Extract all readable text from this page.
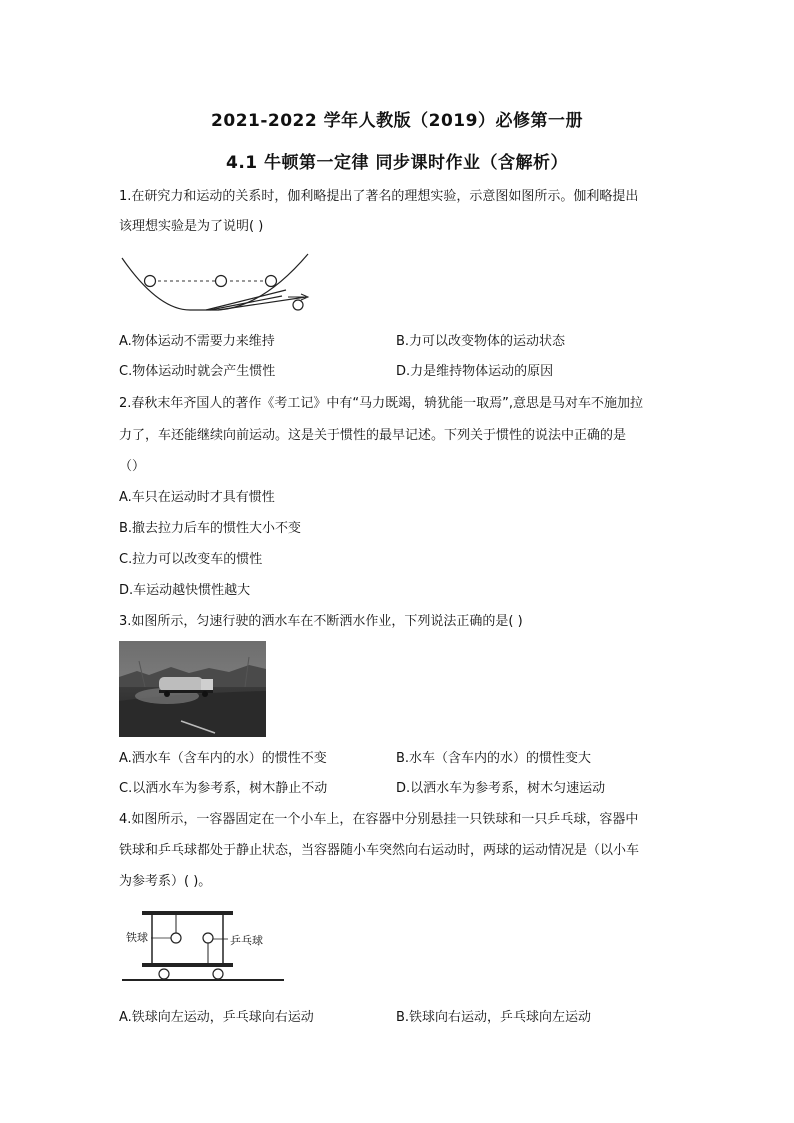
2021-2022 学年人教版（2019）必修第一册
4.1 牛顿第一定律 同步课时作业（含解析）
1.在研究力和运动的关系时，伽利略提出了著名的理想实验，示意图如图所示。伽利略提出
该理想实验是为了说明( )
A.物体运动不需要力来维持	B.力可以改变物体的运动状态
C.物体运动时就会产生惯性	D.力是维持物体运动的原因
2.春秋末年齐国人的著作《考工记》中有“马力既竭，辀犹能一取焉”,意思是马对车不施加拉
力了，车还能继续向前运动。这是关于惯性的最早记述。下列关于惯性的说法中正确的是
（）
A.车只在运动时才具有惯性
B.撤去拉力后车的惯性大小不变
C.拉力可以改变车的惯性
D.车运动越快惯性越大
3.如图所示，匀速行驶的洒水车在不断洒水作业，下列说法正确的是( )
A.洒水车（含车内的水）的惯性不变	B.水车（含车内的水）的惯性变大
C.以洒水车为参考系，树木静止不动	D.以洒水车为参考系，树木匀速运动
4.如图所示，一容器固定在一个小车上，在容器中分别悬挂一只铁球和一只乒乓球，容器中
铁球和乒乓球都处于静止状态，当容器随小车突然向右运动时，两球的运动情况是（以小车
为参考系）( )。
铁球	乒乓球
A.铁球向左运动，乒乓球向右运动	B.铁球向右运动，乒乓球向左运动
